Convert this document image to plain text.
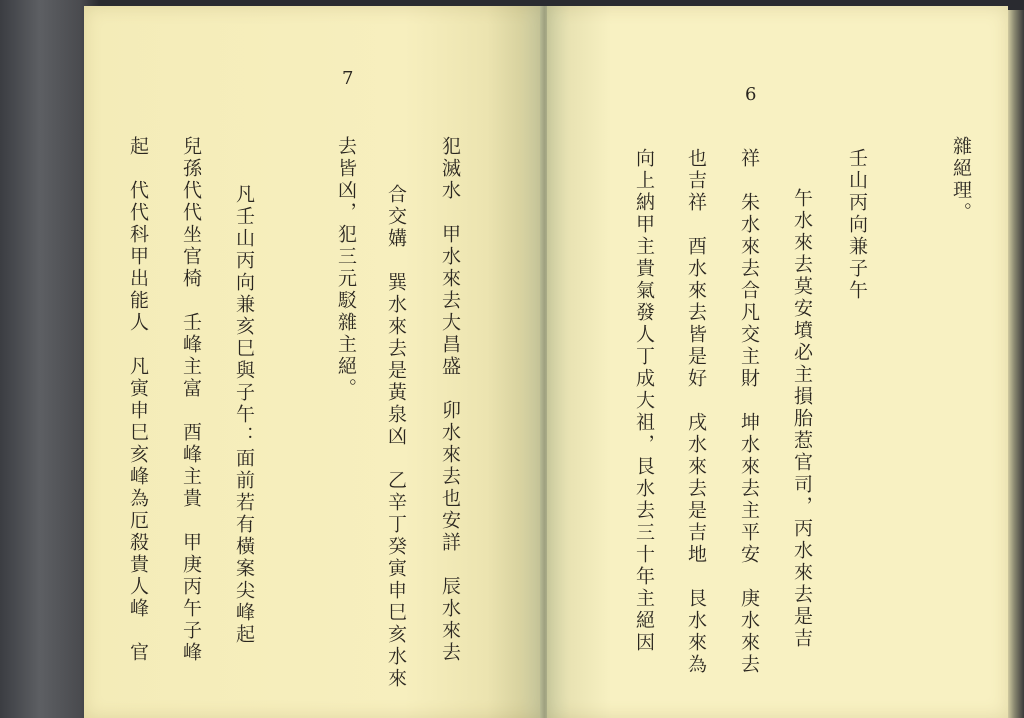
7
犯滅水　甲水來去大昌盛　卯水來去也安詳　辰水來去
合交媾　巽水來去是黃泉凶　乙辛丁癸寅申巳亥水來
去皆凶，犯三元駁雜主絕。
凡壬山丙向兼亥巳與子午：面前若有橫案尖峰起
兒孫代代坐官椅　壬峰主富　酉峰主貴　甲庚丙午子峰
起　代代科甲出能人　凡寅申巳亥峰為厄殺貴人峰　官
6
雜絕理。
壬山丙向兼子午
午水來去莫安墳必主損胎惹官司，丙水來去是吉
祥　朱水來去合凡交主財　坤水來去主平安　庚水來去
也吉祥　酉水來去皆是好　戌水來去是吉地　艮水來為
向上納甲主貴氣發人丁成大祖，艮水去三十年主絕因
